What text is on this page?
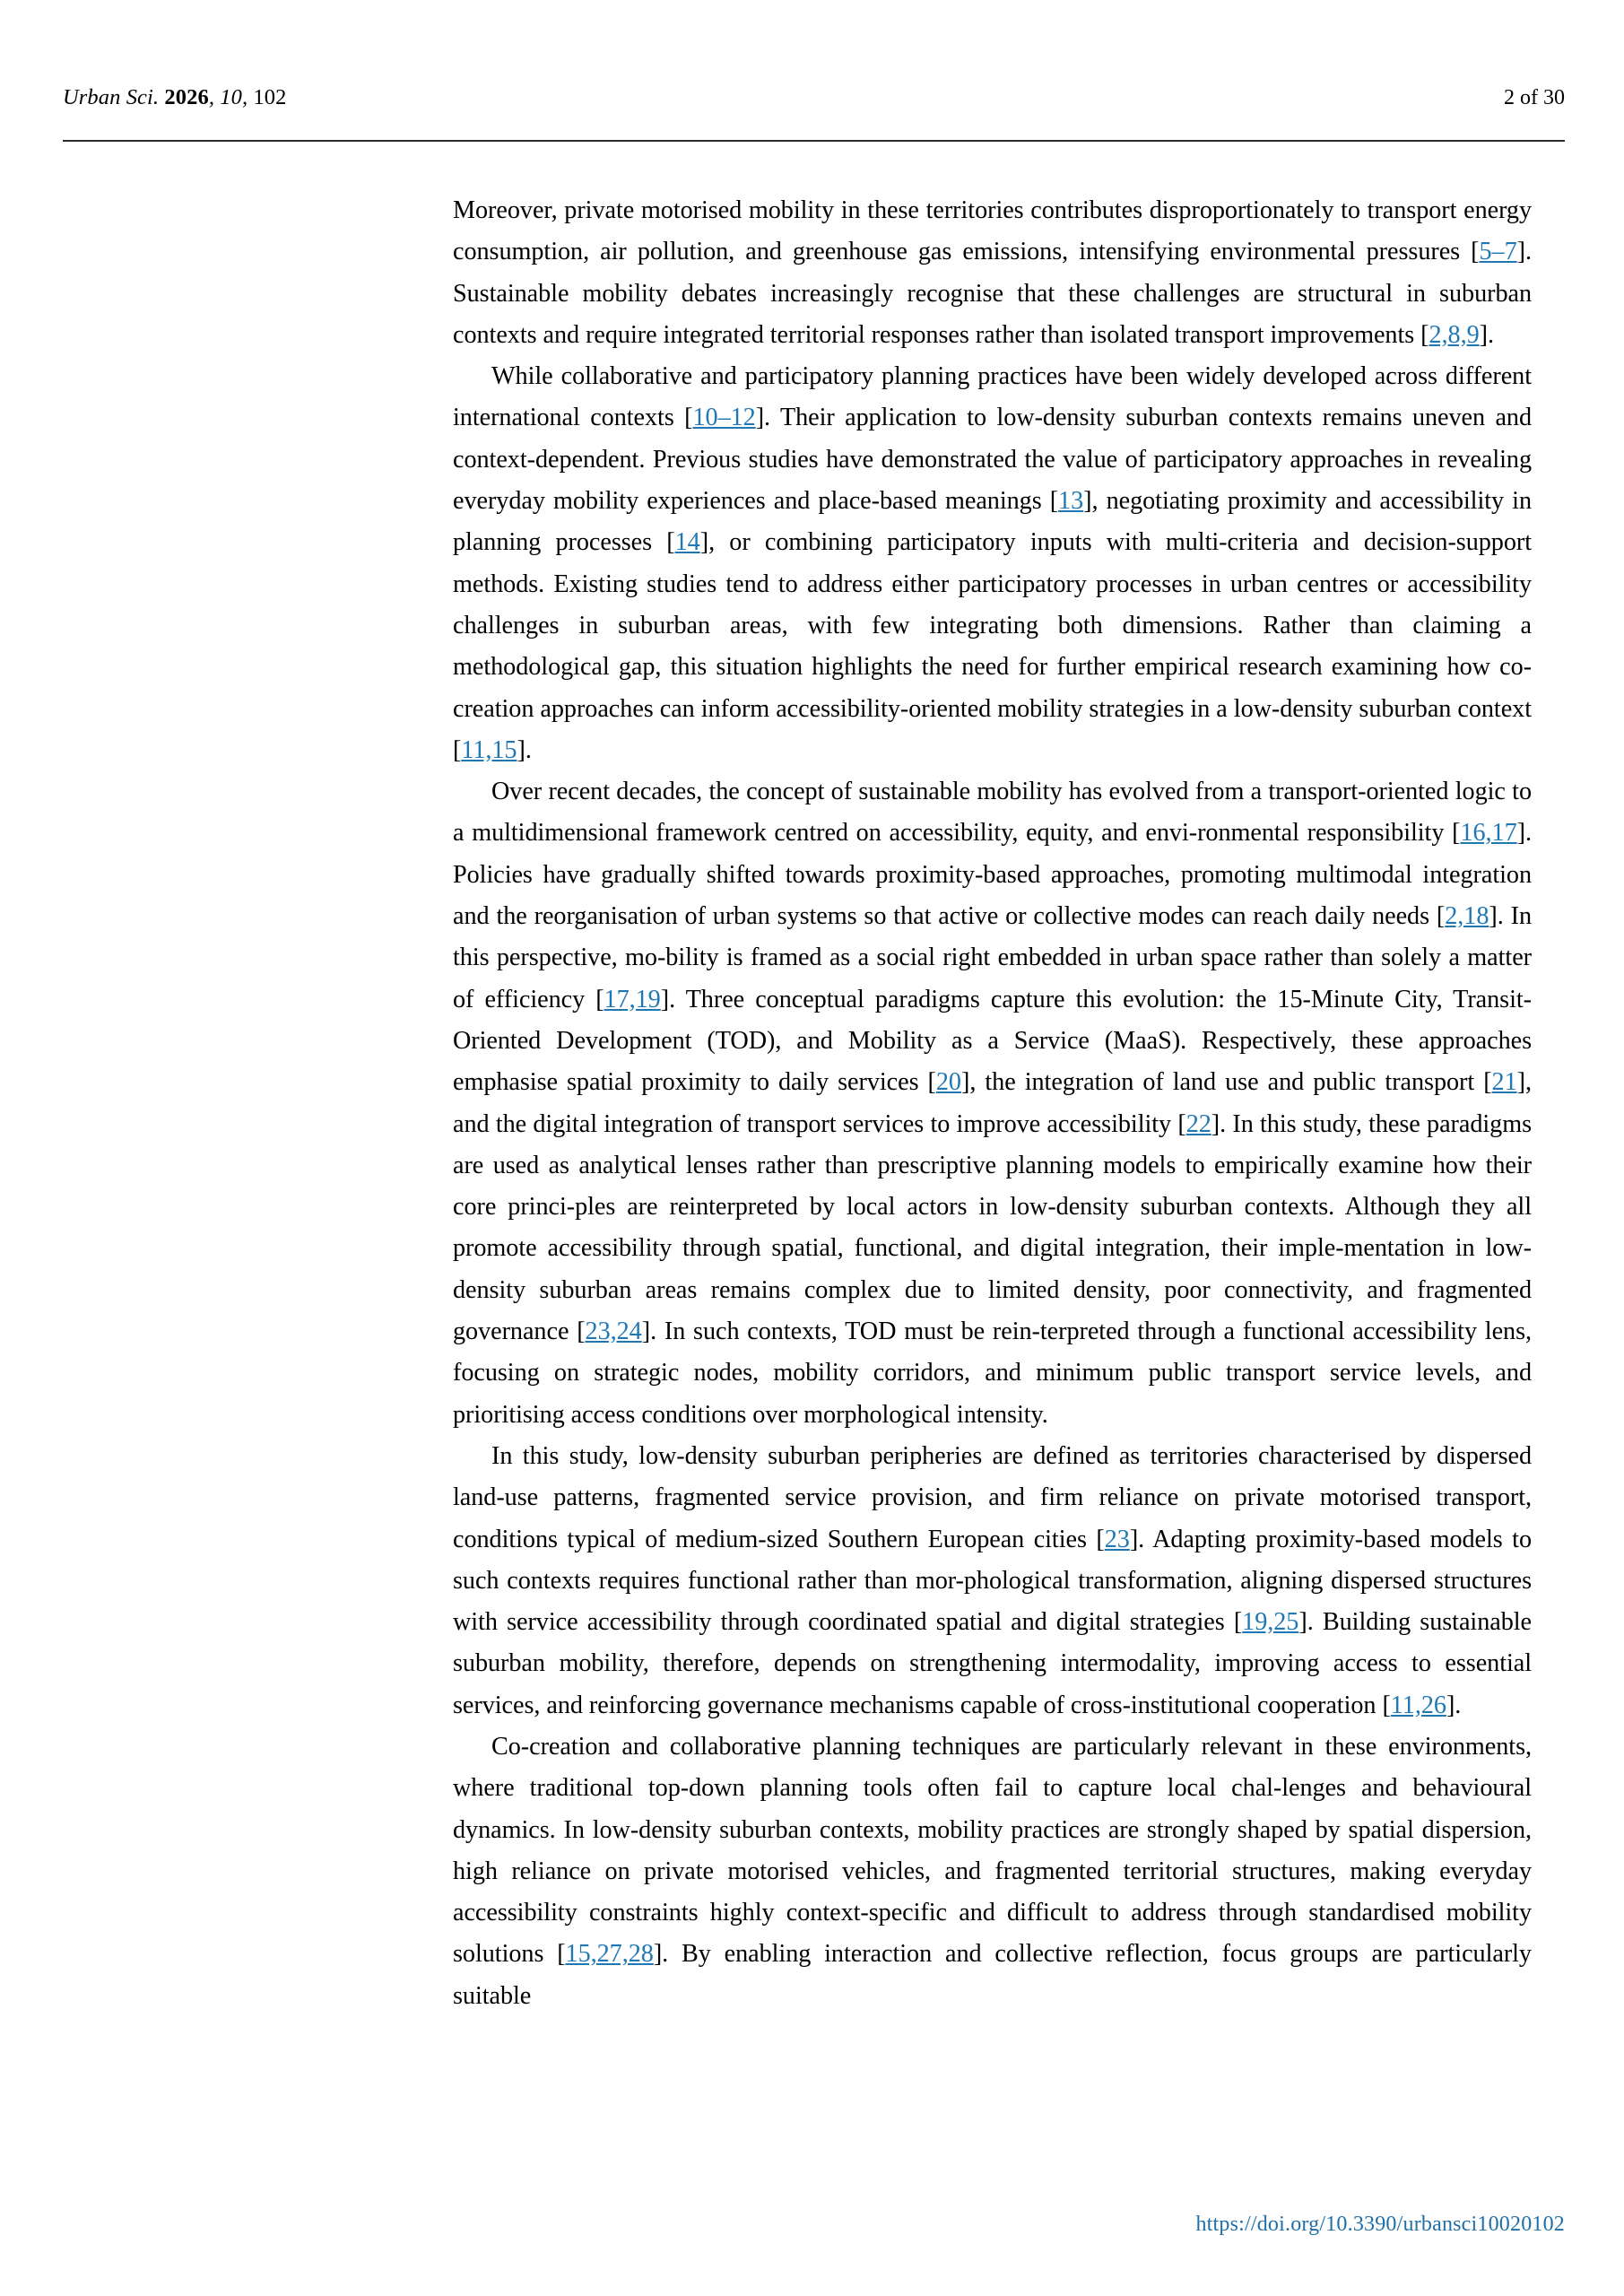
Urban Sci. 2026, 10, 102	2 of 30

Moreover, private motorised mobility in these territories contributes disproportionately to transport energy consumption, air pollution, and greenhouse gas emissions, intensifying environmental pressures [5–7]. Sustainable mobility debates increasingly recognise that these challenges are structural in suburban contexts and require integrated territorial responses rather than isolated transport improvements [2,8,9].

While collaborative and participatory planning practices have been widely developed across different international contexts [10–12]. Their application to low-density suburban contexts remains uneven and context-dependent. Previous studies have demonstrated the value of participatory approaches in revealing everyday mobility experiences and place-based meanings [13], negotiating proximity and accessibility in planning processes [14], or combining participatory inputs with multi-criteria and decision-support methods. Existing studies tend to address either participatory processes in urban centres or accessibility challenges in suburban areas, with few integrating both dimensions. Rather than claiming a methodological gap, this situation highlights the need for further empirical research examining how co-creation approaches can inform accessibility-oriented mobility strategies in a low-density suburban context [11,15].

Over recent decades, the concept of sustainable mobility has evolved from a transport-oriented logic to a multidimensional framework centred on accessibility, equity, and envi-ronmental responsibility [16,17]. Policies have gradually shifted towards proximity-based approaches, promoting multimodal integration and the reorganisation of urban systems so that active or collective modes can reach daily needs [2,18]. In this perspective, mo-bility is framed as a social right embedded in urban space rather than solely a matter of efficiency [17,19]. Three conceptual paradigms capture this evolution: the 15-Minute City, Transit-Oriented Development (TOD), and Mobility as a Service (MaaS). Respectively, these approaches emphasise spatial proximity to daily services [20], the integration of land use and public transport [21], and the digital integration of transport services to improve accessibility [22]. In this study, these paradigms are used as analytical lenses rather than prescriptive planning models to empirically examine how their core princi-ples are reinterpreted by local actors in low-density suburban contexts. Although they all promote accessibility through spatial, functional, and digital integration, their imple-mentation in low-density suburban areas remains complex due to limited density, poor connectivity, and fragmented governance [23,24]. In such contexts, TOD must be rein-terpreted through a functional accessibility lens, focusing on strategic nodes, mobility corridors, and minimum public transport service levels, and prioritising access conditions over morphological intensity.

In this study, low-density suburban peripheries are defined as territories characterised by dispersed land-use patterns, fragmented service provision, and firm reliance on private motorised transport, conditions typical of medium-sized Southern European cities [23]. Adapting proximity-based models to such contexts requires functional rather than mor-phological transformation, aligning dispersed structures with service accessibility through coordinated spatial and digital strategies [19,25]. Building sustainable suburban mobility, therefore, depends on strengthening intermodality, improving access to essential services, and reinforcing governance mechanisms capable of cross-institutional cooperation [11,26].

Co-creation and collaborative planning techniques are particularly relevant in these environments, where traditional top-down planning tools often fail to capture local chal-lenges and behavioural dynamics. In low-density suburban contexts, mobility practices are strongly shaped by spatial dispersion, high reliance on private motorised vehicles, and fragmented territorial structures, making everyday accessibility constraints highly context-specific and difficult to address through standardised mobility solutions [15,27,28]. By enabling interaction and collective reflection, focus groups are particularly suitable

https://doi.org/10.3390/urbansci10020102
